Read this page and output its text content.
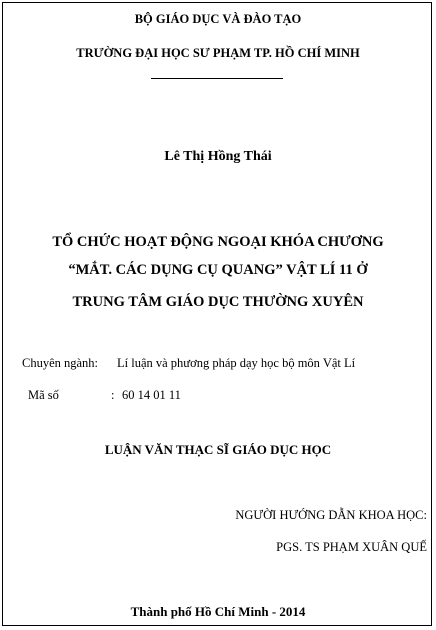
BỘ GIÁO DỤC VÀ ĐÀO TẠO
TRƯỜNG ĐẠI HỌC SƯ PHẠM TP. HỒ CHÍ MINH
Lê Thị Hồng Thái
TỔ CHỨC HOẠT ĐỘNG NGOẠI KHÓA CHƯƠNG
“MẮT. CÁC DỤNG CỤ QUANG” VẬT LÍ 11 Ở
TRUNG TÂM GIÁO DỤC THƯỜNG XUYÊN
Chuyên ngành: Lí luận và phương pháp dạy học bộ môn Vật Lí
Mã số	: 60 14 01 11
LUẬN VĂN THẠC SĨ GIÁO DỤC HỌC
NGƯỜI HƯỚNG DẪN KHOA HỌC:
PGS. TS PHẠM XUÂN QUẾ
Thành phố Hồ Chí Minh - 2014
